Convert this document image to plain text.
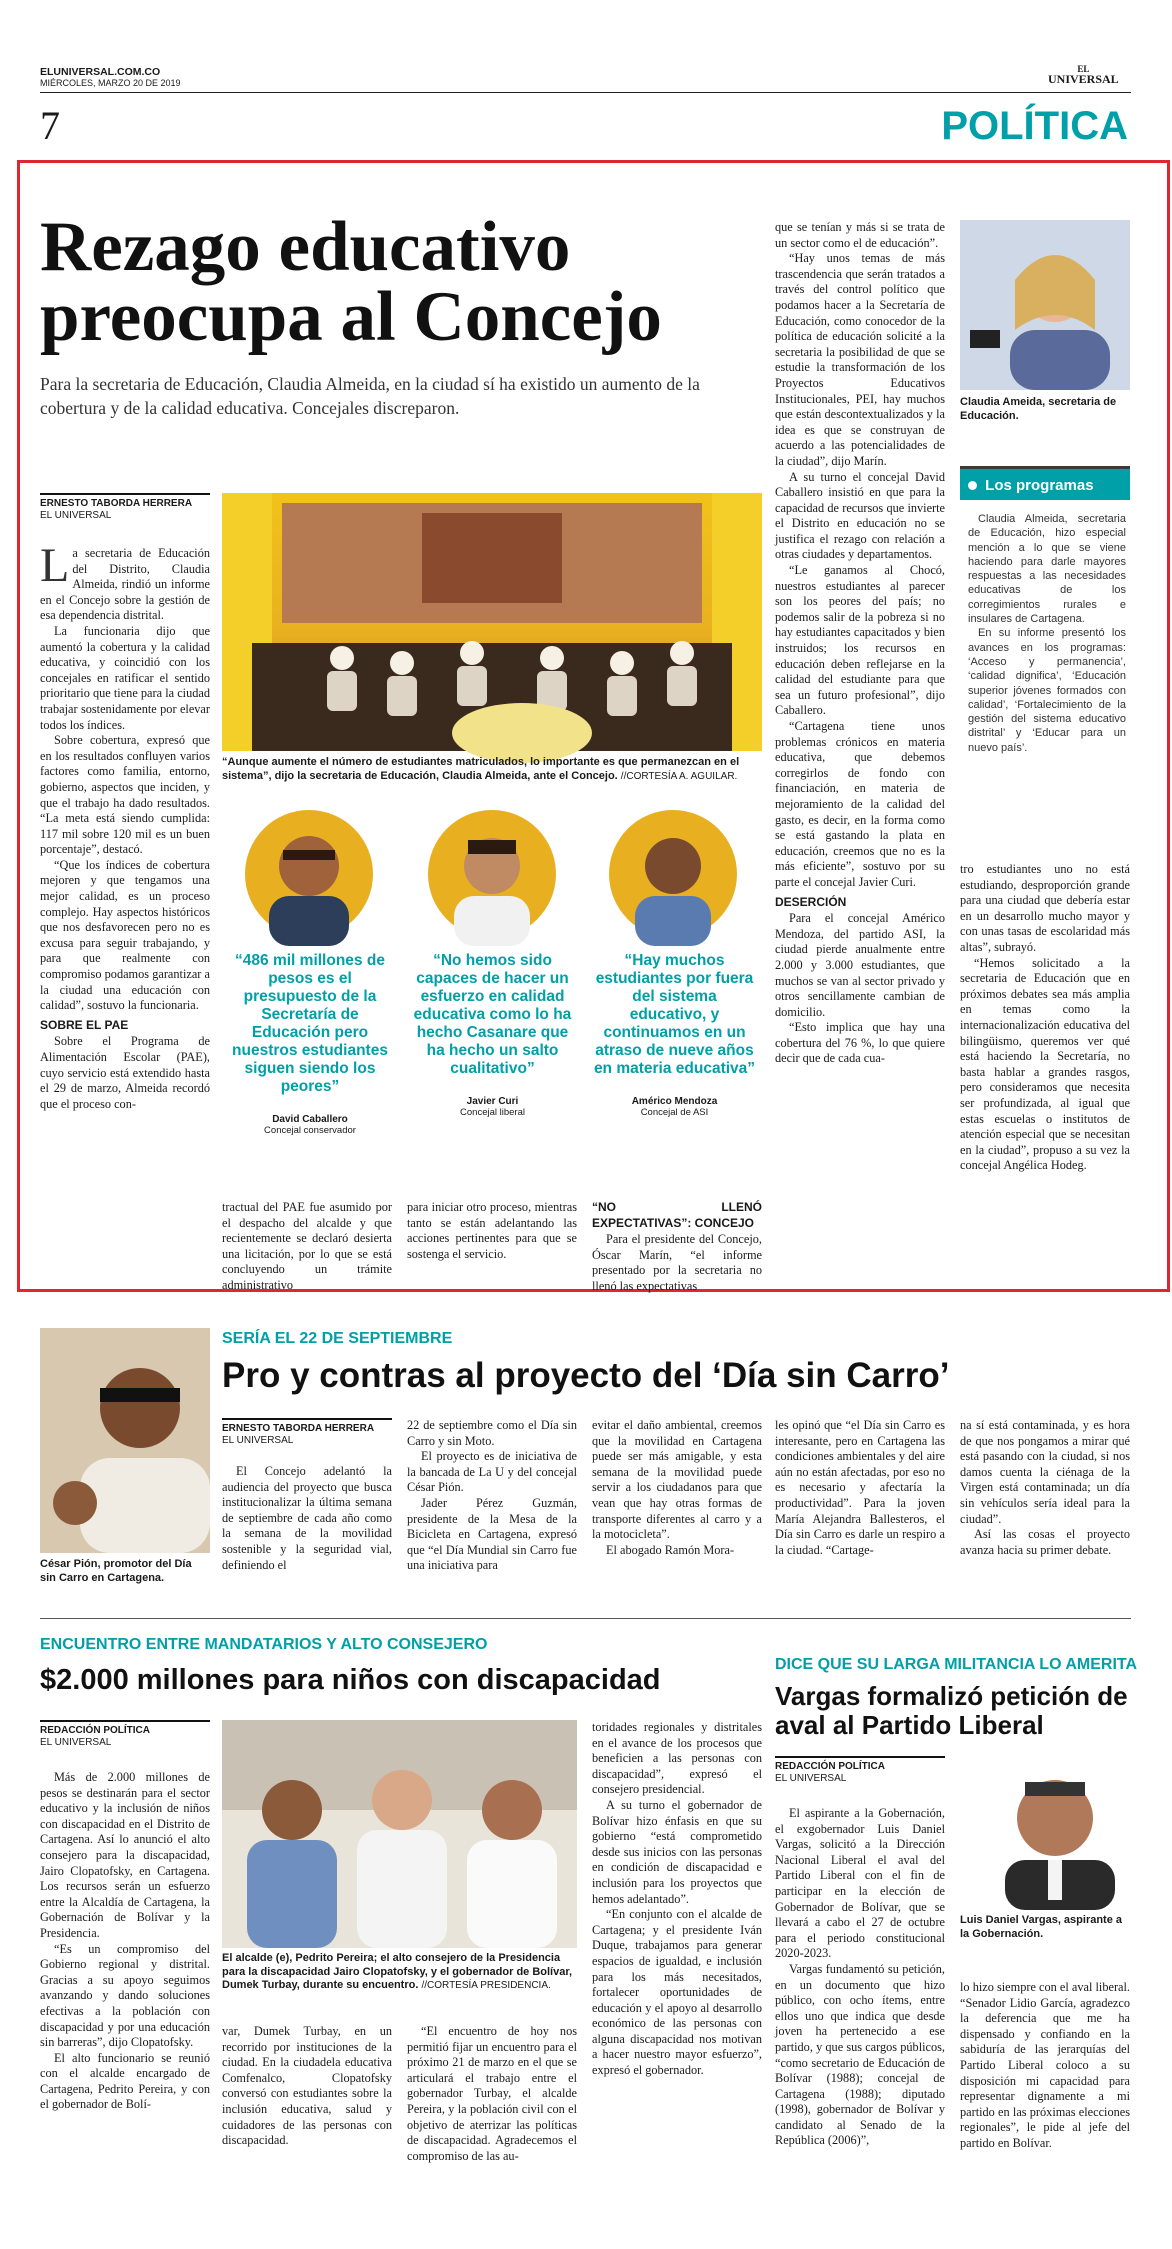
ELUNIVERSAL.COM.CO
MIÉRCOLES, MARZO 20 DE 2019
EL
UNIVERSAL
7	POLÍTICA
Rezago educativo
preocupa al Concejo
Para la secretaria de Educación, Claudia Almeida, en la ciudad sí ha existido un aumento de la cobertura y de la calidad educativa. Concejales discreparon.
ERNESTO TABORDA HERRERA
EL UNIVERSAL
L a secretaria de Educación del Distrito, Claudia Almeida, rindió un informe en el Concejo sobre la gestión de esa dependencia distrital.

La funcionaria dijo que aumentó la cobertura y la calidad educativa, y coincidió con los concejales en ratificar el sentido prioritario que tiene para la ciudad trabajar sostenidamente por elevar todos los índices.

Sobre cobertura, expresó que en los resultados confluyen varios factores como familia, entorno, gobierno, aspectos que inciden, y que el trabajo ha dado resultados. “La meta está siendo cumplida: 117 mil sobre 120 mil es un buen porcentaje”, destacó.

“Que los índices de cobertura mejoren y que tengamos una mejor calidad, es un proceso complejo. Hay aspectos históricos que nos desfavorecen pero no es excusa para seguir trabajando, y para que realmente con compromiso podamos garantizar a la ciudad una educación con calidad”, sostuvo la funcionaria.

SOBRE EL PAE

Sobre el Programa de Alimentación Escolar (PAE), cuyo servicio está extendido hasta el 29 de marzo, Almeida recordó que el proceso con-

“Aunque aumente el número de estudiantes matriculados, lo importante es que permanezcan en el sistema”, dijo la secretaria de Educación, Claudia Almeida, ante el Concejo. //CORTESÍA A. AGUILAR.
“486 mil millones de pesos es el presupuesto de la Secretaría de Educación pero nuestros estudiantes siguen siendo los peores”
David Caballero
Concejal conservador
“No hemos sido capaces de hacer un esfuerzo en calidad educativa como lo ha hecho Casanare que ha hecho un salto cualitativo”
Javier Curi
Concejal liberal
“Hay muchos estudiantes por fuera del sistema educativo, y continuamos en un atraso de nueve años en materia educativa”
Américo Mendoza
Concejal de ASI

tractual del PAE fue asumido por el despacho del alcalde y que recientemente se declaró desierta una licitación, por lo que se está concluyendo un trámite administrativo

para iniciar otro proceso, mientras tanto se están adelantando las acciones pertinentes para que se sostenga el servicio.

“NO LLENÓ EXPECTATIVAS”: CONCEJO

Para el presidente del Concejo, Óscar Marín, “el informe presentado por la secretaria no llenó las expectativas

que se tenían y más si se trata de un sector como el de educación”.

“Hay unos temas de más trascendencia que serán tratados a través del control político que podamos hacer a la Secretaría de Educación, como conocedor de la política de educación solicité a la secretaria la posibilidad de que se estudie la transformación de los Proyectos Educativos Institucionales, PEI, hay muchos que están descontextualizados y la idea es que se construyan de acuerdo a las potencialidades de la ciudad”, dijo Marín.

A su turno el concejal David Caballero insistió en que para la capacidad de recursos que invierte el Distrito en educación no se justifica el rezago con relación a otras ciudades y departamentos.

“Le ganamos al Chocó, nuestros estudiantes al parecer son los peores del país; no podemos salir de la pobreza si no hay estudiantes capacitados y bien instruidos; los recursos en educación deben reflejarse en la calidad del estudiante para que sea un futuro profesional”, dijo Caballero.

“Cartagena tiene unos problemas crónicos en materia educativa, que debemos corregirlos de fondo con financiación, en materia de mejoramiento de la calidad del gasto, es decir, en la forma como se está gastando la plata en educación, creemos que no es la más eficiente”, sostuvo por su parte el concejal Javier Curi.

DESERCIÓN

Para el concejal Américo Mendoza, del partido ASI, la ciudad pierde anualmente entre 2.000 y 3.000 estudiantes, que muchos se van al sector privado y otros sencillamente cambian de domicilio.

“Esto implica que hay una cobertura del 76 %, lo que quiere decir que de cada cua-

Claudia Ameida, secretaria de Educación.
Los programas

Claudia Almeida, secretaria de Educación, hizo especial mención a lo que se viene haciendo para darle mayores respuestas a las necesidades educativas de los corregimientos rurales e insulares de Cartagena.

En su informe presentó los avances en los programas: ‘Acceso y permanencia’, ‘calidad dignifica’, ‘Educación superior jóvenes formados con calidad’, ‘Fortalecimiento de la gestión del sistema educativo distrital’ y ‘Educar para un nuevo país’.

tro estudiantes uno no está estudiando, desproporción grande para una ciudad que debería estar en un desarrollo mucho mayor y con unas tasas de escolaridad más altas”, subrayó.

“Hemos solicitado a la secretaria de Educación que en próximos debates sea más amplia en temas como la internacionalización educativa del bilingüismo, queremos ver qué está haciendo la Secretaría, no basta hablar a grandes rasgos, pero consideramos que necesita ser profundizada, al igual que estas escuelas o institutos de atención especial que se necesitan en la ciudad”, propuso a su vez la concejal Angélica Hodeg.

César Pión, promotor del Día sin Carro en Cartagena.
SERÍA EL 22 DE SEPTIEMBRE
Pro y contras al proyecto del ‘Día sin Carro’
ERNESTO TABORDA HERRERA
EL UNIVERSAL

El Concejo adelantó la audiencia del proyecto que busca institucionalizar la última semana de septiembre de cada año como la semana de la movilidad sostenible y la seguridad vial, definiendo el

22 de septiembre como el Día sin Carro y sin Moto.

El proyecto es de iniciativa de la bancada de La U y del concejal César Pión.

Jader Pérez Guzmán, presidente de la Mesa de la Bicicleta en Cartagena, expresó que “el Día Mundial sin Carro fue una iniciativa para

evitar el daño ambiental, creemos que la movilidad en Cartagena puede ser más amigable, y esta semana de la movilidad puede servir a los ciudadanos para que vean que hay otras formas de transporte diferentes al carro y a la motocicleta”.

El abogado Ramón Mora-

les opinó que “el Día sin Carro es interesante, pero en Cartagena las condiciones ambientales y del aire aún no están afectadas, por eso no es necesario y afectaría la productividad”. Para la joven María Alejandra Ballesteros, el Día sin Carro es darle un respiro a la ciudad. “Cartage-

na sí está contaminada, y es hora de que nos pongamos a mirar qué está pasando con la ciudad, si nos damos cuenta la ciénaga de la Virgen está contaminada; un día sin vehículos sería ideal para la ciudad”.

Así las cosas el proyecto avanza hacia su primer debate.

ENCUENTRO ENTRE MANDATARIOS Y ALTO CONSEJERO
$2.000 millones para niños con discapacidad
REDACCIÓN POLÍTICA
EL UNIVERSAL

Más de 2.000 millones de pesos se destinarán para el sector educativo y la inclusión de niños con discapacidad en el Distrito de Cartagena. Así lo anunció el alto consejero para la discapacidad, Jairo Clopatofsky, en Cartagena. Los recursos serán un esfuerzo entre la Alcaldía de Cartagena, la Gobernación de Bolívar y la Presidencia.

“Es un compromiso del Gobierno regional y distrital. Gracias a su apoyo seguimos avanzando y dando soluciones efectivas a la población con discapacidad y por una educación sin barreras”, dijo Clopatofsky.

El alto funcionario se reunió con el alcalde encargado de Cartagena, Pedrito Pereira, y con el gobernador de Bolí-

El alcalde (e), Pedrito Pereira; el alto consejero de la Presidencia para la discapacidad Jairo Clopatofsky, y el gobernador de Bolívar, Dumek Turbay, durante su encuentro. //CORTESÍA PRESIDENCIA.

var, Dumek Turbay, en un recorrido por instituciones de la ciudad. En la ciudadela educativa Comfenalco, Clopatofsky conversó con estudiantes sobre la inclusión educativa, salud y cuidadores de las personas con discapacidad.

“El encuentro de hoy nos permitió fijar un encuentro para el próximo 21 de marzo en el que se articulará el trabajo entre el gobernador Turbay, el alcalde Pereira, y la población civil con el objetivo de aterrizar las políticas de discapacidad. Agradecemos el compromiso de las au-

toridades regionales y distritales en el avance de los procesos que beneficien a las personas con discapacidad”, expresó el consejero presidencial.

A su turno el gobernador de Bolívar hizo énfasis en que su gobierno “está comprometido desde sus inicios con las personas en condición de discapacidad e inclusión para los proyectos que hemos adelantado”.

“En conjunto con el alcalde de Cartagena; y el presidente Iván Duque, trabajamos para generar espacios de igualdad, e inclusión para los más necesitados, fortalecer oportunidades de educación y el apoyo al desarrollo económico de las personas con alguna discapacidad nos motivan a hacer nuestro mayor esfuerzo”, expresó el gobernador.

DICE QUE SU LARGA MILITANCIA LO AMERITA
Vargas formalizó petición de aval al Partido Liberal
REDACCIÓN POLÍTICA
EL UNIVERSAL

El aspirante a la Gobernación, el exgobernador Luis Daniel Vargas, solicitó a la Dirección Nacional Liberal el aval del Partido Liberal con el fin de participar en la elección de Gobernador de Bolívar, que se llevará a cabo el 27 de octubre para el periodo constitucional 2020-2023.

Vargas fundamentó su petición, en un documento que hizo público, con ocho ítems, entre ellos uno que indica que desde joven ha pertenecido a ese partido, y que sus cargos públicos, “como secretario de Educación de Bolívar (1988); concejal de Cartagena (1988); diputado (1998), gobernador de Bolívar y candidato al Senado de la República (2006)”,

Luis Daniel Vargas, aspirante a la Gobernación.

lo hizo siempre con el aval liberal. “Senador Lidio García, agradezco la deferencia que me ha dispensado y confiando en la sabiduría de las jerarquías del Partido Liberal coloco a su disposición mi capacidad para representar dignamente a mi partido en las próximas elecciones regionales”, le pide al jefe del partido en Bolívar.
